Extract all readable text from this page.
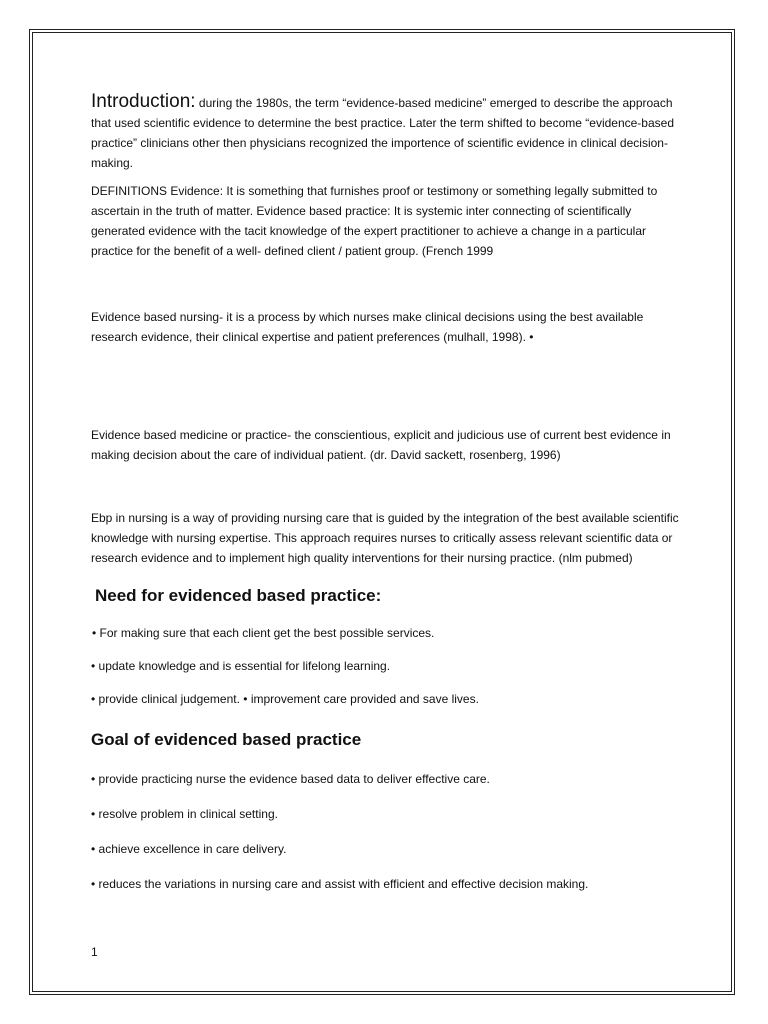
Introduction: during the 1980s, the term “evidence-based medicine” emerged to describe the approach that used scientific evidence to determine the best practice. Later the term shifted to become “evidence-based practice” clinicians other then physicians recognized the importence of scientific evidence in clinical decision-making.

DEFINITIONS Evidence: It is something that furnishes proof or testimony or something legally submitted to ascertain in the truth of matter. Evidence based practice: It is systemic inter connecting of scientifically generated evidence with the tacit knowledge of the expert practitioner to achieve a change in a particular practice for the benefit of a well- defined client / patient group. (French 1999

Evidence based nursing- it is a process by which nurses make clinical decisions using the best available research evidence, their clinical expertise and patient preferences (mulhall, 1998). •

Evidence based medicine or practice- the conscientious, explicit and judicious use of current best evidence in making decision about the care of individual patient. (dr. David sackett, rosenberg, 1996)

Ebp in nursing is a way of providing nursing care that is guided by the integration of the best available scientific knowledge with nursing expertise. This approach requires nurses to critically assess relevant scientific data or research evidence and to implement high quality interventions for their nursing practice. (nlm pubmed)

Need for evidenced based practice:

• For making sure that each client get the best possible services.

• update knowledge and is essential for lifelong learning.

• provide clinical judgement. • improvement care provided and save lives.

Goal of evidenced based practice

• provide practicing nurse the evidence based data to deliver effective care.

• resolve problem in clinical setting.

• achieve excellence in care delivery.

• reduces the variations in nursing care and assist with efficient and effective decision making.

1
